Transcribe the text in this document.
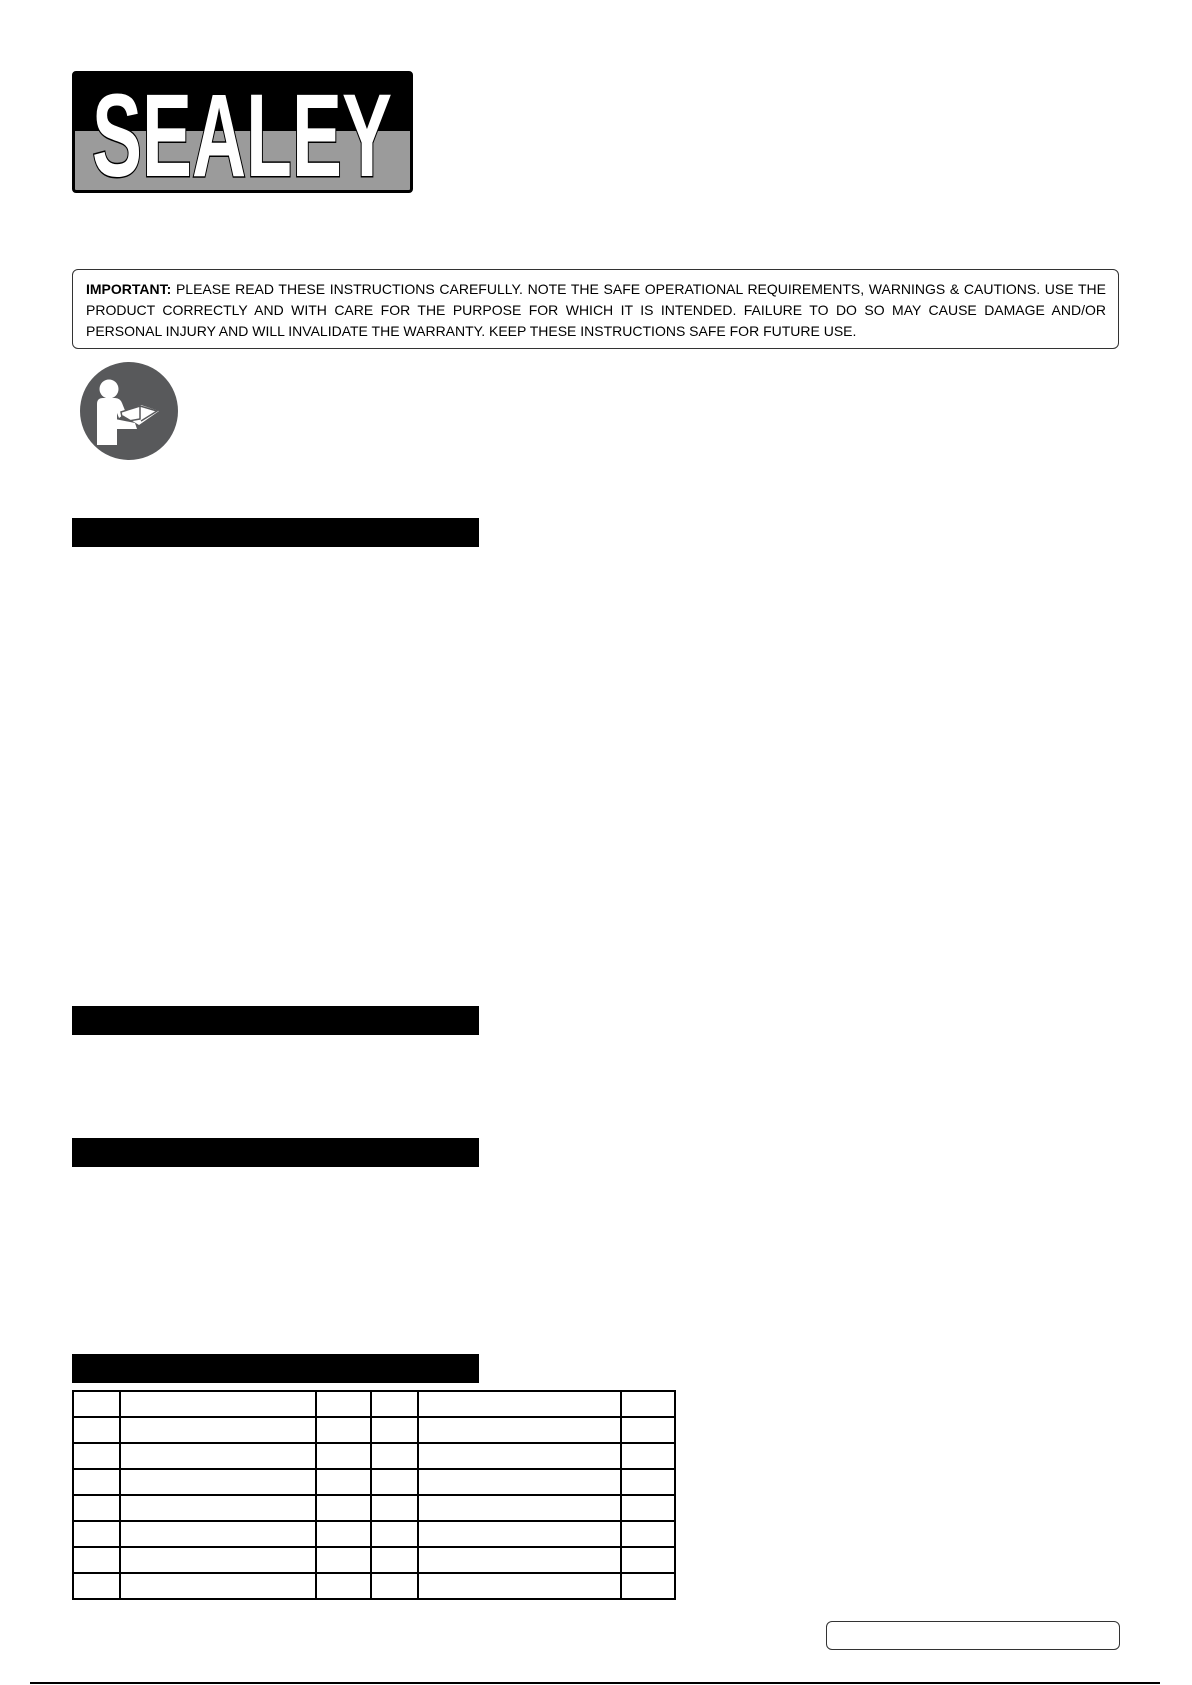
SEALEY
IMPORTANT: PLEASE READ THESE INSTRUCTIONS CAREFULLY. NOTE THE SAFE OPERATIONAL REQUIREMENTS, WARNINGS & CAUTIONS. USE THE PRODUCT CORRECTLY AND WITH CARE FOR THE PURPOSE FOR WHICH IT IS INTENDED. FAILURE TO DO SO MAY CAUSE DAMAGE AND/OR PERSONAL INJURY AND WILL INVALIDATE THE WARRANTY. KEEP THESE INSTRUCTIONS SAFE FOR FUTURE USE.
